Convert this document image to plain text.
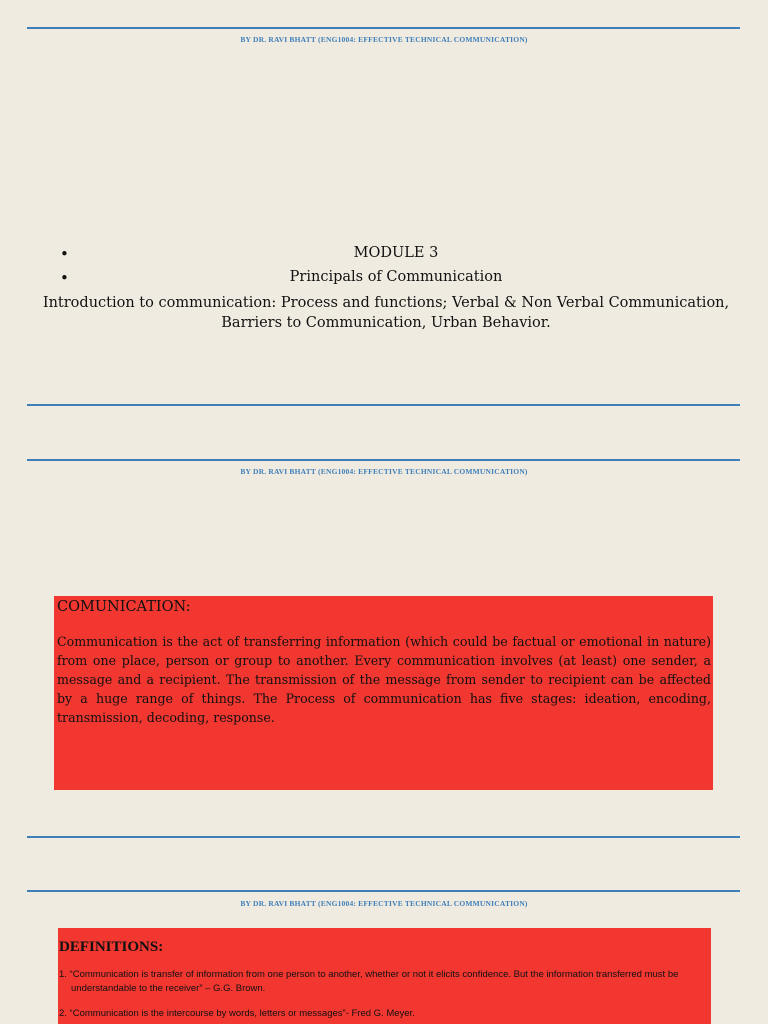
BY DR. RAVI BHATT (ENG1004: EFFECTIVE TECHNICAL COMMUNICATION)
•	MODULE 3
•	Principals of Communication
Introduction to communication: Process and functions; Verbal & Non Verbal Communication, Barriers to Communication, Urban Behavior.
BY DR. RAVI BHATT (ENG1004: EFFECTIVE TECHNICAL COMMUNICATION)

COMUNICATION:

Communication is the act of transferring information (which could be factual or emotional in nature) from one place, person or group to another. Every communication involves (at least) one sender, a message and a recipient. The transmission of the message from sender to recipient can be affected by a huge range of things. The Process of communication has five stages: ideation, encoding, transmission, decoding, response.

BY DR. RAVI BHATT (ENG1004: EFFECTIVE TECHNICAL COMMUNICATION)

DEFINITIONS:

1. “Communication is transfer of information from one person to another, whether or not it elicits confidence. But the information transferred must be understandable to the receiver” – G.G. Brown.

2. “Communication is the intercourse by words, letters or messages”- Fred G. Meyer.
